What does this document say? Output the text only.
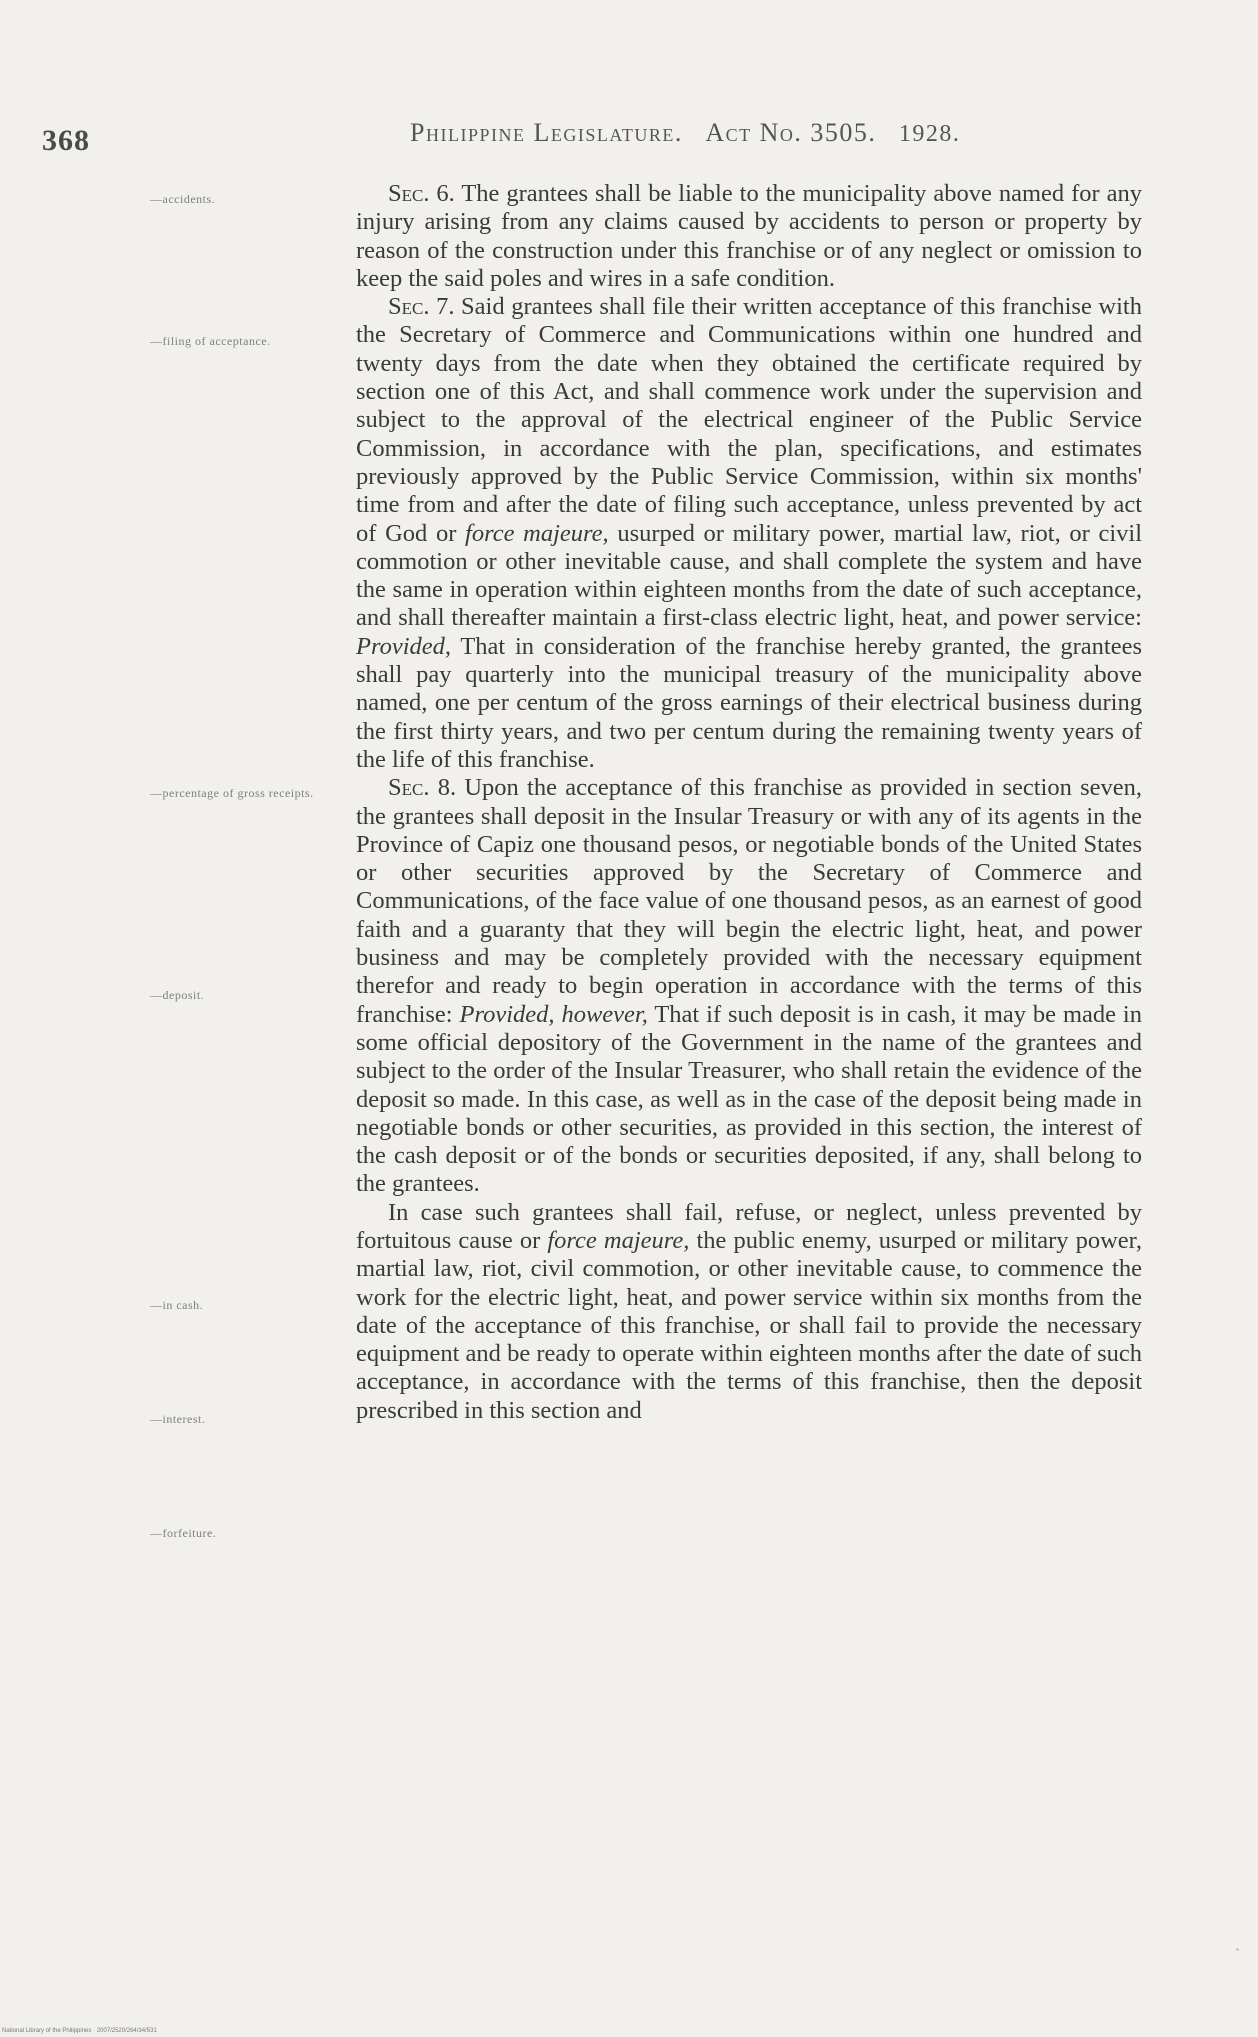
368	Philippine Legislature. Act No. 3505. 1928.
—accidents.
—filing of acceptance.
—percentage of gross receipts.
—deposit.
—in cash.
—interest.
—forfeiture.

Sec. 6. The grantees shall be liable to the municipality above named for any injury arising from any claims caused by accidents to person or property by reason of the construction under this franchise or of any neglect or omission to keep the said poles and wires in a safe condition.

Sec. 7. Said grantees shall file their written acceptance of this franchise with the Secretary of Commerce and Communications within one hundred and twenty days from the date when they obtained the certificate required by section one of this Act, and shall commence work under the supervision and subject to the approval of the electrical engineer of the Public Service Commission, in accordance with the plan, specifications, and estimates previously approved by the Public Service Commission, within six months' time from and after the date of filing such acceptance, unless prevented by act of God or force majeure, usurped or military power, martial law, riot, or civil commotion or other inevitable cause, and shall complete the system and have the same in operation within eighteen months from the date of such acceptance, and shall thereafter maintain a first-class electric light, heat, and power service: Provided, That in consideration of the franchise hereby granted, the grantees shall pay quarterly into the municipal treasury of the municipality above named, one per centum of the gross earnings of their electrical business during the first thirty years, and two per centum during the remaining twenty years of the life of this franchise.

Sec. 8. Upon the acceptance of this franchise as provided in section seven, the grantees shall deposit in the Insular Treasury or with any of its agents in the Province of Capiz one thousand pesos, or negotiable bonds of the United States or other securities approved by the Secretary of Commerce and Communications, of the face value of one thousand pesos, as an earnest of good faith and a guaranty that they will begin the electric light, heat, and power business and may be completely provided with the necessary equipment therefor and ready to begin operation in accordance with the terms of this franchise: Provided, however, That if such deposit is in cash, it may be made in some official depository of the Government in the name of the grantees and subject to the order of the Insular Treasurer, who shall retain the evidence of the deposit so made. In this case, as well as in the case of the deposit being made in negotiable bonds or other securities, as provided in this section, the interest of the cash deposit or of the bonds or securities deposited, if any, shall belong to the grantees.

In case such grantees shall fail, refuse, or neglect, unless prevented by fortuitous cause or force majeure, the public enemy, usurped or military power, martial law, riot, civil commotion, or other inevitable cause, to commence the work for the electric light, heat, and power service within six months from the date of the acceptance of this franchise, or shall fail to provide the necessary equipment and be ready to operate within eighteen months after the date of such acceptance, in accordance with the terms of this franchise, then the deposit prescribed in this section and

National Library of the Philippines · 2007/2520/264/34/531
